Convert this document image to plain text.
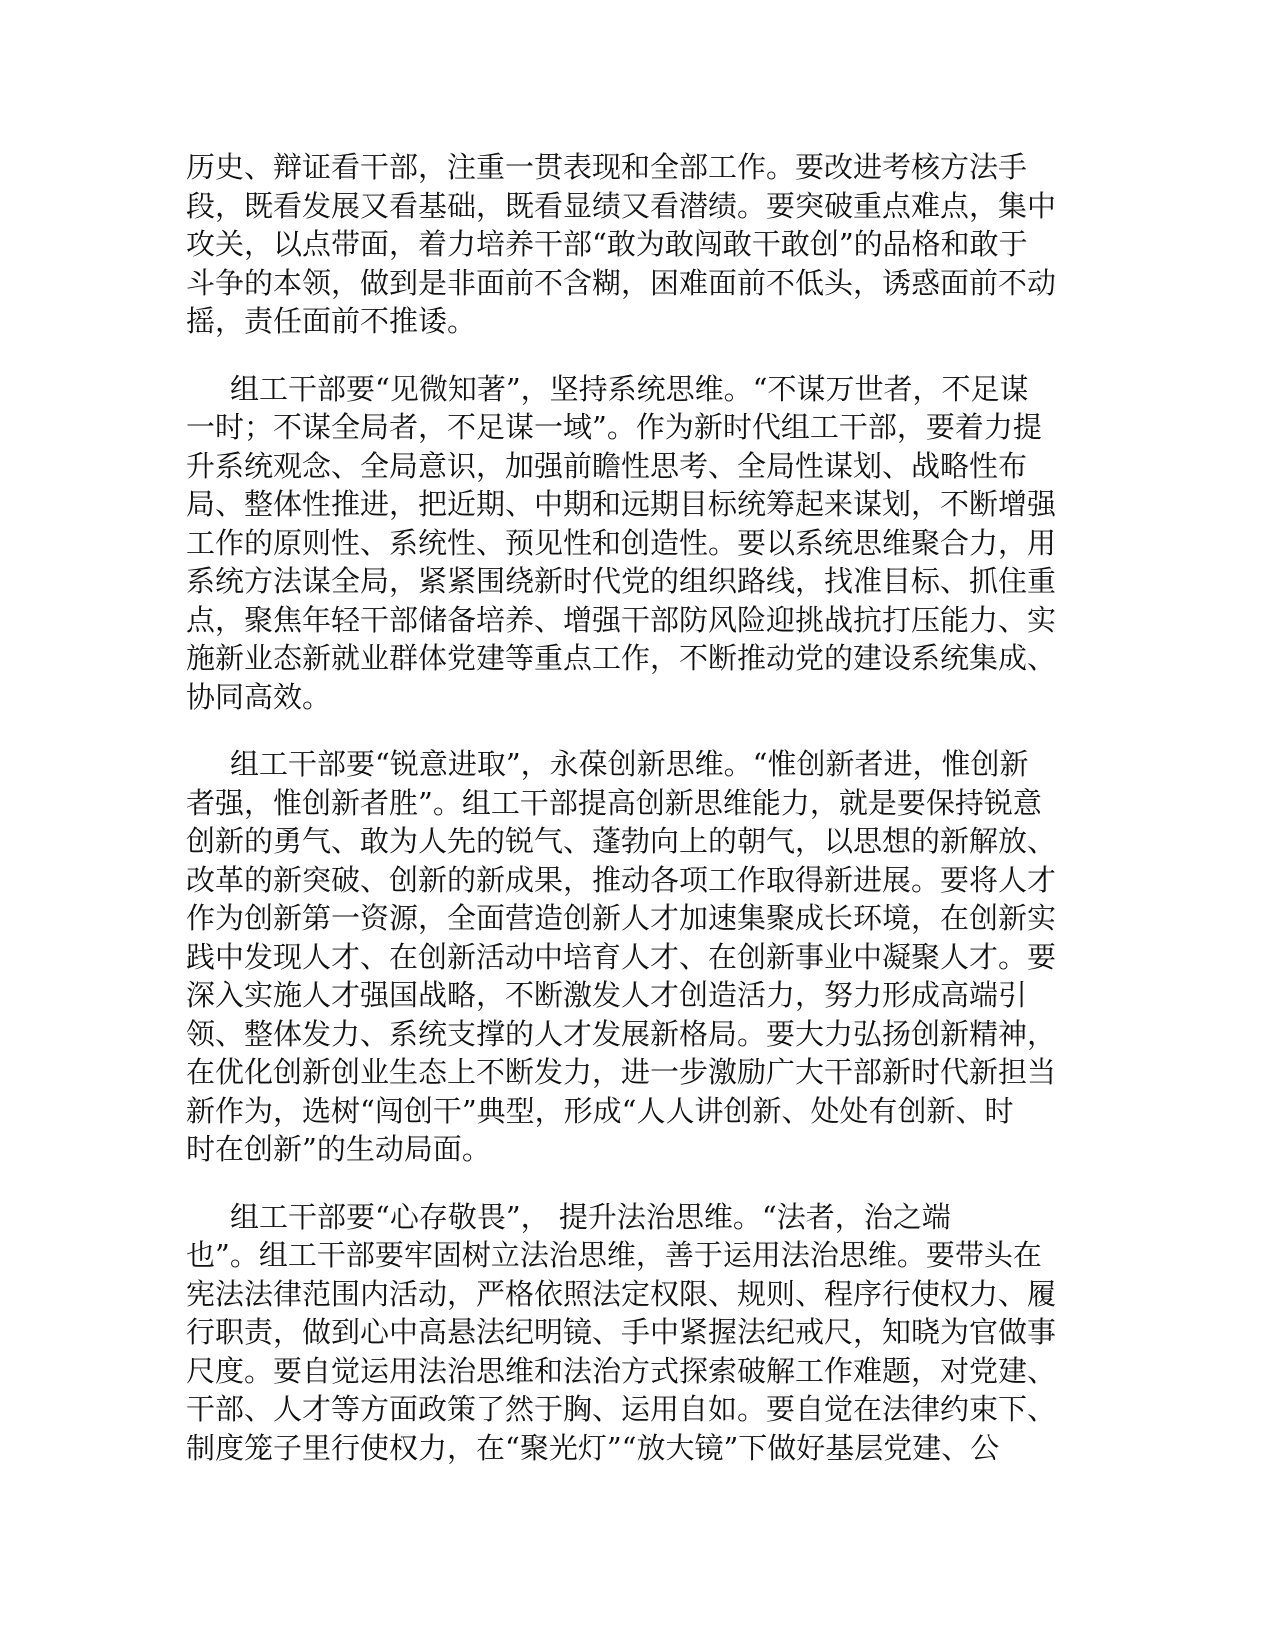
历史、辩证看干部，注重一贯表现和全部工作。要改进考核方法手
段，既看发展又看基础，既看显绩又看潜绩。要突破重点难点，集中
攻关，以点带面，着力培养干部“敢为敢闯敢干敢创”的品格和敢于
斗争的本领，做到是非面前不含糊，困难面前不低头，诱惑面前不动
摇，责任面前不推诿。

组工干部要“见微知著”，坚持系统思维。“不谋万世者，不足谋
一时；不谋全局者，不足谋一域”。作为新时代组工干部，要着力提
升系统观念、全局意识，加强前瞻性思考、全局性谋划、战略性布
局、整体性推进，把近期、中期和远期目标统筹起来谋划，不断增强
工作的原则性、系统性、预见性和创造性。要以系统思维聚合力，用
系统方法谋全局，紧紧围绕新时代党的组织路线，找准目标、抓住重
点，聚焦年轻干部储备培养、增强干部防风险迎挑战抗打压能力、实
施新业态新就业群体党建等重点工作，不断推动党的建设系统集成、
协同高效。

组工干部要“锐意进取”，永葆创新思维。“惟创新者进，惟创新
者强，惟创新者胜”。组工干部提高创新思维能力，就是要保持锐意
创新的勇气、敢为人先的锐气、蓬勃向上的朝气，以思想的新解放、
改革的新突破、创新的新成果，推动各项工作取得新进展。要将人才
作为创新第一资源，全面营造创新人才加速集聚成长环境，在创新实
践中发现人才、在创新活动中培育人才、在创新事业中凝聚人才。要
深入实施人才强国战略，不断激发人才创造活力，努力形成高端引
领、整体发力、系统支撑的人才发展新格局。要大力弘扬创新精神，
在优化创新创业生态上不断发力，进一步激励广大干部新时代新担当
新作为，选树“闯创干”典型，形成“人人讲创新、处处有创新、时
时在创新”的生动局面。

组工干部要“心存敬畏”， 提升法治思维。“法者，治之端
也”。组工干部要牢固树立法治思维，善于运用法治思维。要带头在
宪法法律范围内活动，严格依照法定权限、规则、程序行使权力、履
行职责，做到心中高悬法纪明镜、手中紧握法纪戒尺，知晓为官做事
尺度。要自觉运用法治思维和法治方式探索破解工作难题，对党建、
干部、人才等方面政策了然于胸、运用自如。要自觉在法律约束下、
制度笼子里行使权力，在“聚光灯”“放大镜”下做好基层党建、公
